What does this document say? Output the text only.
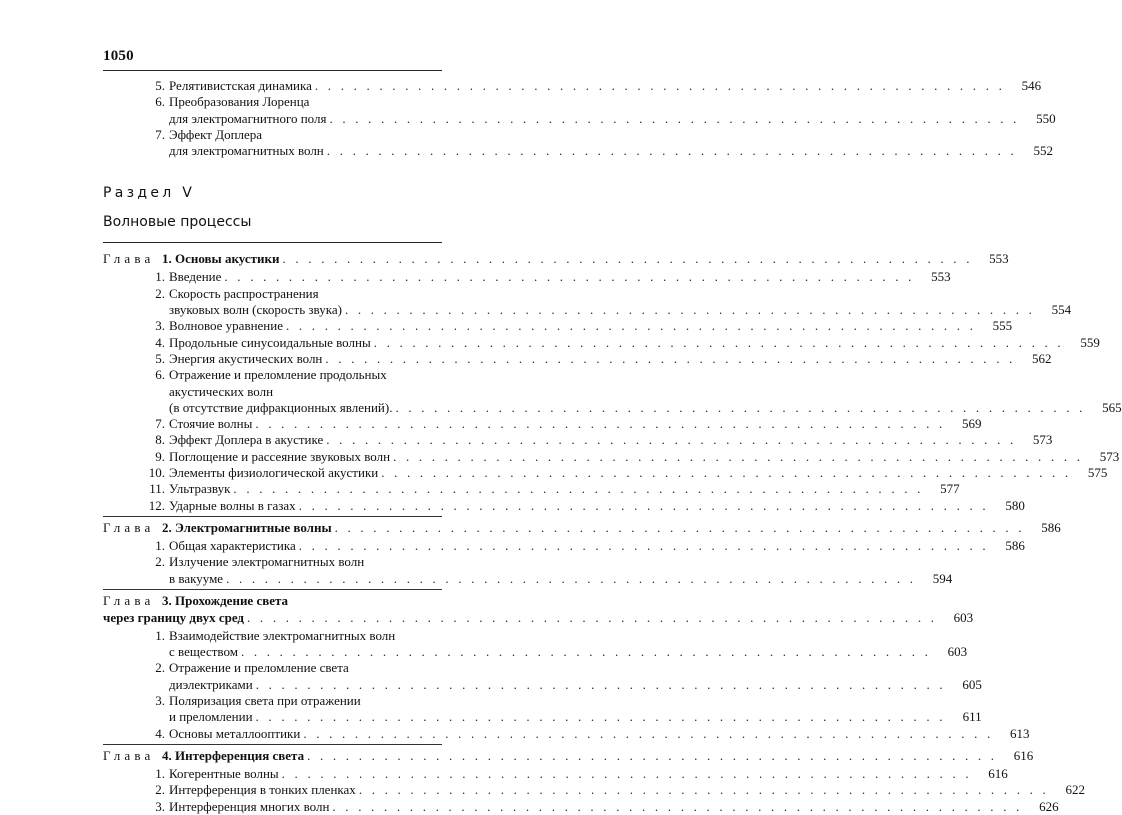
1050
5. Релятивистская динамика . . . . . . . . . . . . . . . . . . . . . . . . . . . . . . . . . . . . . . . . . . . . . . . . . . . . . .	546
6. Преобразования Лоренца
для электромагнитного поля . . . . . . . . . . . . . . . . . . . . . . . . . . . . . . . . . . . . . . . . . . . . . . . . . . . . . .	550
7. Эффект Доплера
для электромагнитных волн . . . . . . . . . . . . . . . . . . . . . . . . . . . . . . . . . . . . . . . . . . . . . . . . . . . . . .	552
Раздел V
Волновые процессы
Глава 1. Основы акустики . . . . . . . . . . . . . . . . . . . . . . . . . . . . . . . . . . . . . . . . . . . . . . . . . . . . . .	553
1. Введение . . . . . . . . . . . . . . . . . . . . . . . . . . . . . . . . . . . . . . . . . . . . . . . . . . . . . .	553
2. Скорость распространения
звуковых волн (скорость звука) . . . . . . . . . . . . . . . . . . . . . . . . . . . . . . . . . . . . . . . . . . . . . . . . . . . . . .	554
3. Волновое уравнение . . . . . . . . . . . . . . . . . . . . . . . . . . . . . . . . . . . . . . . . . . . . . . . . . . . . . .	555
4. Продольные синусоидальные волны . . . . . . . . . . . . . . . . . . . . . . . . . . . . . . . . . . . . . . . . . . . . . . . . . . . . . .	559
5. Энергия акустических волн . . . . . . . . . . . . . . . . . . . . . . . . . . . . . . . . . . . . . . . . . . . . . . . . . . . . . .	562
6. Отражение и преломление продольных
акустических волн
(в отсутствие дифракционных явлений). . . . . . . . . . . . . . . . . . . . . . . . . . . . . . . . . . . . . . . . . . . . . . . . . . . . . . .	565
7. Стоячие волны . . . . . . . . . . . . . . . . . . . . . . . . . . . . . . . . . . . . . . . . . . . . . . . . . . . . . .	569
8. Эффект Доплера в акустике . . . . . . . . . . . . . . . . . . . . . . . . . . . . . . . . . . . . . . . . . . . . . . . . . . . . . .	573
9. Поглощение и рассеяние звуковых волн . . . . . . . . . . . . . . . . . . . . . . . . . . . . . . . . . . . . . . . . . . . . . . . . . . . . . .	573
10. Элементы физиологической акустики . . . . . . . . . . . . . . . . . . . . . . . . . . . . . . . . . . . . . . . . . . . . . . . . . . . . . .	575
11. Ультразвук . . . . . . . . . . . . . . . . . . . . . . . . . . . . . . . . . . . . . . . . . . . . . . . . . . . . . .	577
12. Ударные волны в газах . . . . . . . . . . . . . . . . . . . . . . . . . . . . . . . . . . . . . . . . . . . . . . . . . . . . . .	580
Глава 2. Электромагнитные волны . . . . . . . . . . . . . . . . . . . . . . . . . . . . . . . . . . . . . . . . . . . . . . . . . . . . . .	586
1. Общая характеристика . . . . . . . . . . . . . . . . . . . . . . . . . . . . . . . . . . . . . . . . . . . . . . . . . . . . . .	586
2. Излучение электромагнитных волн
в вакууме . . . . . . . . . . . . . . . . . . . . . . . . . . . . . . . . . . . . . . . . . . . . . . . . . . . . . .	594
Глава 3. Прохождение света
через границу двух сред . . . . . . . . . . . . . . . . . . . . . . . . . . . . . . . . . . . . . . . . . . . . . . . . . . . . . .	603
1. Взаимодействие электромагнитных волн
с веществом . . . . . . . . . . . . . . . . . . . . . . . . . . . . . . . . . . . . . . . . . . . . . . . . . . . . . .	603
2. Отражение и преломление света
диэлектриками . . . . . . . . . . . . . . . . . . . . . . . . . . . . . . . . . . . . . . . . . . . . . . . . . . . . . .	605
3. Поляризация света при отражении
и преломлении . . . . . . . . . . . . . . . . . . . . . . . . . . . . . . . . . . . . . . . . . . . . . . . . . . . . . .	611
4. Основы металлооптики . . . . . . . . . . . . . . . . . . . . . . . . . . . . . . . . . . . . . . . . . . . . . . . . . . . . . .	613
Глава 4. Интерференция света . . . . . . . . . . . . . . . . . . . . . . . . . . . . . . . . . . . . . . . . . . . . . . . . . . . . . .	616
1. Когерентные волны . . . . . . . . . . . . . . . . . . . . . . . . . . . . . . . . . . . . . . . . . . . . . . . . . . . . . .	616
2. Интерференция в тонких пленках . . . . . . . . . . . . . . . . . . . . . . . . . . . . . . . . . . . . . . . . . . . . . . . . . . . . . .	622
3. Интерференция многих волн . . . . . . . . . . . . . . . . . . . . . . . . . . . . . . . . . . . . . . . . . . . . . . . . . . . . . .	626
